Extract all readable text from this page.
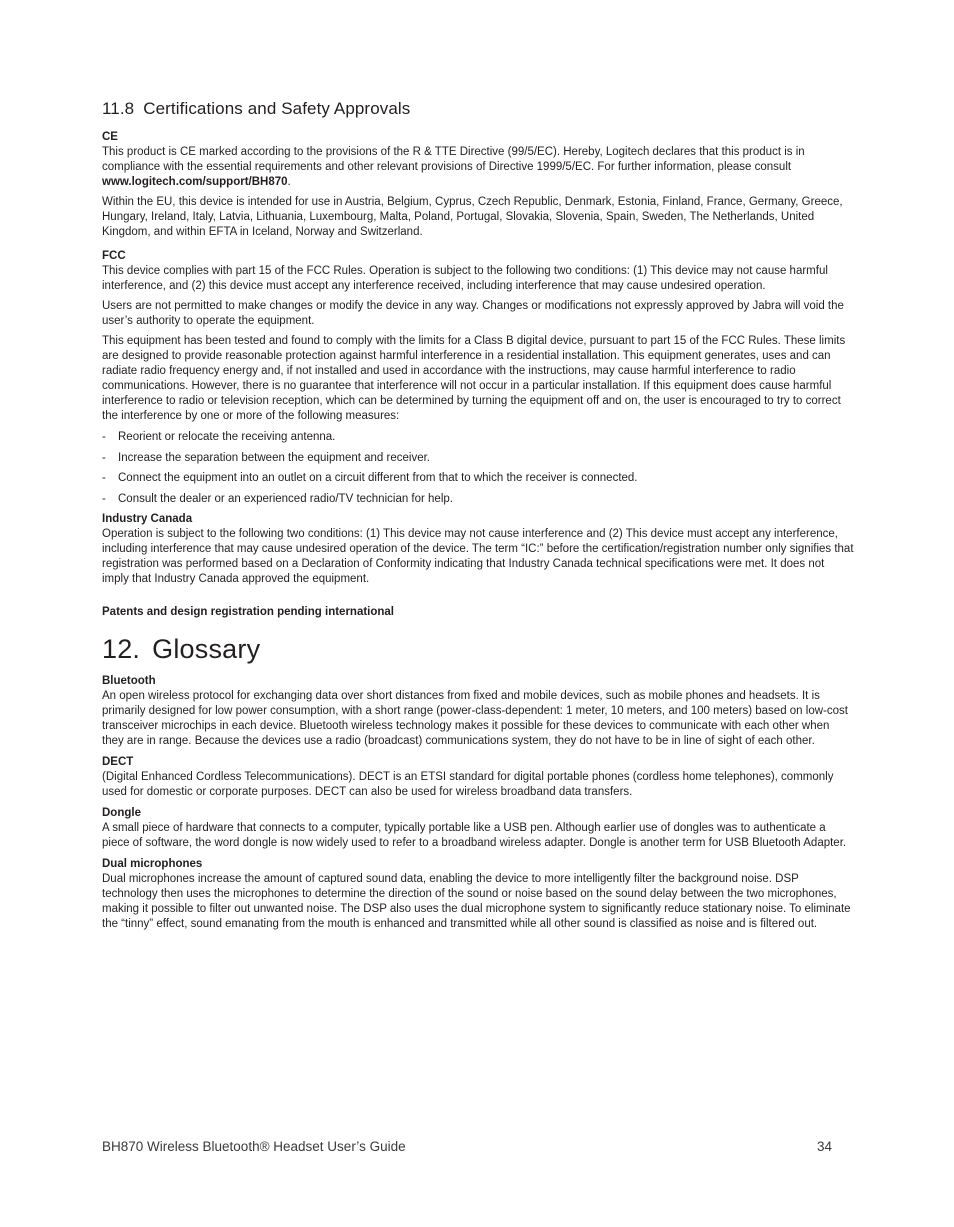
11.8 Certifications and Safety Approvals

CE

This product is CE marked according to the provisions of the R & TTE Directive (99/5/EC). Hereby, Logitech declares that this product is in compliance with the essential requirements and other relevant provisions of Directive 1999/5/EC. For further information, please consult www.logitech.com/support/BH870.

Within the EU, this device is intended for use in Austria, Belgium, Cyprus, Czech Republic, Denmark, Estonia, Finland, France, Germany, Greece, Hungary, Ireland, Italy, Latvia, Lithuania, Luxembourg, Malta, Poland, Portugal, Slovakia, Slovenia, Spain, Sweden, The Netherlands, United Kingdom, and within EFTA in Iceland, Norway and Switzerland.

FCC

This device complies with part 15 of the FCC Rules. Operation is subject to the following two conditions: (1) This device may not cause harmful interference, and (2) this device must accept any interference received, including interference that may cause undesired operation.

Users are not permitted to make changes or modify the device in any way. Changes or modifications not expressly approved by Jabra will void the user’s authority to operate the equipment.

This equipment has been tested and found to comply with the limits for a Class B digital device, pursuant to part 15 of the FCC Rules. These limits are designed to provide reasonable protection against harmful interference in a residential installation. This equipment generates, uses and can radiate radio frequency energy and, if not installed and used in accordance with the instructions, may cause harmful interference to radio communications. However, there is no guarantee that interference will not occur in a particular installation. If this equipment does cause harmful interference to radio or television reception, which can be determined by turning the equipment off and on, the user is encouraged to try to correct the interference by one or more of the following measures:

- Reorient or relocate the receiving antenna.
- Increase the separation between the equipment and receiver.
- Connect the equipment into an outlet on a circuit different from that to which the receiver is connected.
- Consult the dealer or an experienced radio/TV technician for help.

Industry Canada

Operation is subject to the following two conditions: (1) This device may not cause interference and (2) This device must accept any interference, including interference that may cause undesired operation of the device. The term “IC:” before the certification/registration number only signifies that registration was performed based on a Declaration of Conformity indicating that Industry Canada technical specifications were met. It does not imply that Industry Canada approved the equipment.

Patents and design registration pending international

12. Glossary

Bluetooth

An open wireless protocol for exchanging data over short distances from fixed and mobile devices, such as mobile phones and headsets. It is primarily designed for low power consumption, with a short range (power-class-dependent: 1 meter, 10 meters, and 100 meters) based on low-cost transceiver microchips in each device. Bluetooth wireless technology makes it possible for these devices to communicate with each other when they are in range. Because the devices use a radio (broadcast) communications system, they do not have to be in line of sight of each other.

DECT

(Digital Enhanced Cordless Telecommunications). DECT is an ETSI standard for digital portable phones (cordless home telephones), commonly used for domestic or corporate purposes. DECT can also be used for wireless broadband data transfers.

Dongle

A small piece of hardware that connects to a computer, typically portable like a USB pen. Although earlier use of dongles was to authenticate a piece of software, the word dongle is now widely used to refer to a broadband wireless adapter. Dongle is another term for USB Bluetooth Adapter.

Dual microphones

Dual microphones increase the amount of captured sound data, enabling the device to more intelligently filter the background noise. DSP technology then uses the microphones to determine the direction of the sound or noise based on the sound delay between the two microphones, making it possible to filter out unwanted noise. The DSP also uses the dual microphone system to significantly reduce stationary noise. To eliminate the “tinny” effect, sound emanating from the mouth is enhanced and transmitted while all other sound is classified as noise and is filtered out.

BH870 Wireless Bluetooth® Headset User’s Guide	34
